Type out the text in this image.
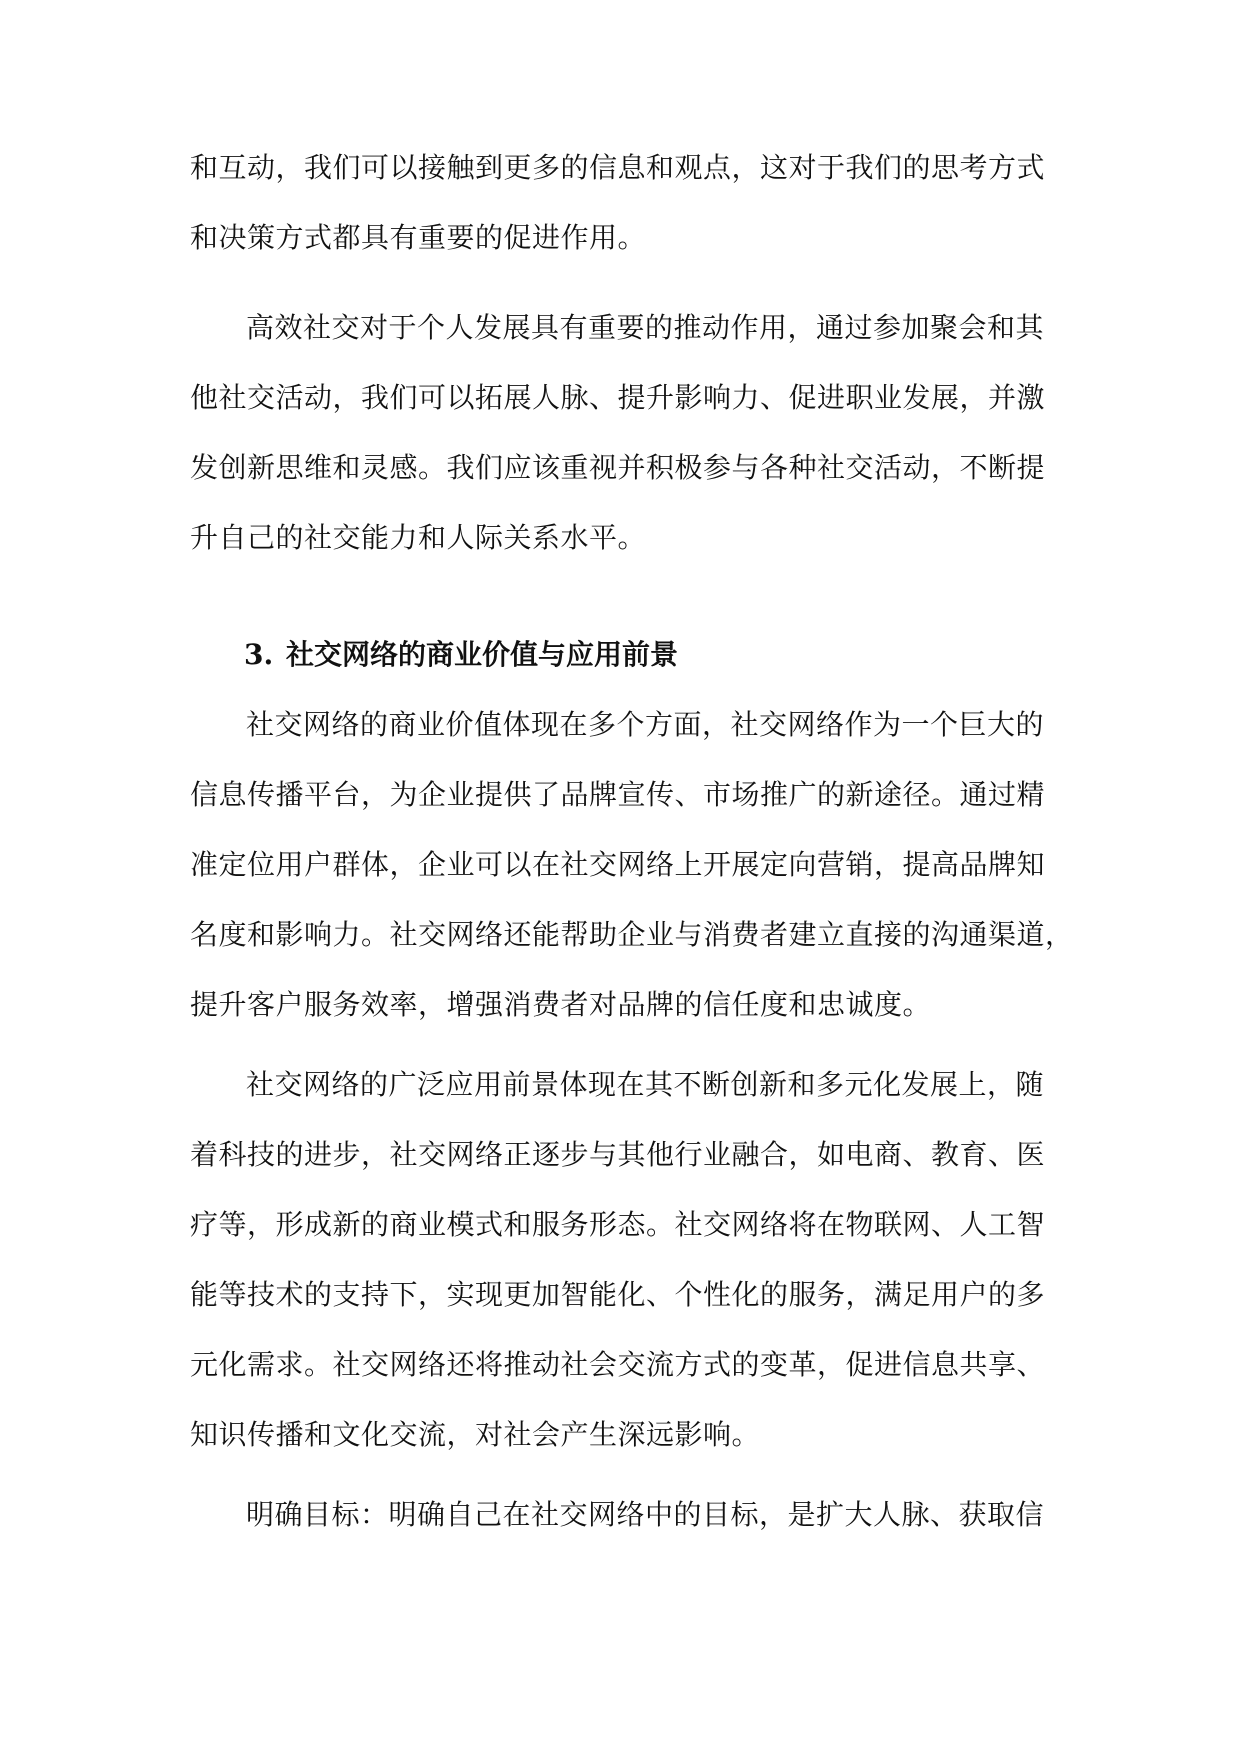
和互动，我们可以接触到更多的信息和观点，这对于我们的思考方式
和决策方式都具有重要的促进作用。
高效社交对于个人发展具有重要的推动作用，通过参加聚会和其
他社交活动，我们可以拓展人脉、提升影响力、促进职业发展，并激
发创新思维和灵感。我们应该重视并积极参与各种社交活动，不断提
升自己的社交能力和人际关系水平。
3. 社交网络的商业价值与应用前景
社交网络的商业价值体现在多个方面，社交网络作为一个巨大的
信息传播平台，为企业提供了品牌宣传、市场推广的新途径。通过精
准定位用户群体，企业可以在社交网络上开展定向营销，提高品牌知
名度和影响力。社交网络还能帮助企业与消费者建立直接的沟通渠道，
提升客户服务效率，增强消费者对品牌的信任度和忠诚度。
社交网络的广泛应用前景体现在其不断创新和多元化发展上，随
着科技的进步，社交网络正逐步与其他行业融合，如电商、教育、医
疗等，形成新的商业模式和服务形态。社交网络将在物联网、人工智
能等技术的支持下，实现更加智能化、个性化的服务，满足用户的多
元化需求。社交网络还将推动社会交流方式的变革，促进信息共享、
知识传播和文化交流，对社会产生深远影响。
明确目标：明确自己在社交网络中的目标，是扩大人脉、获取信
